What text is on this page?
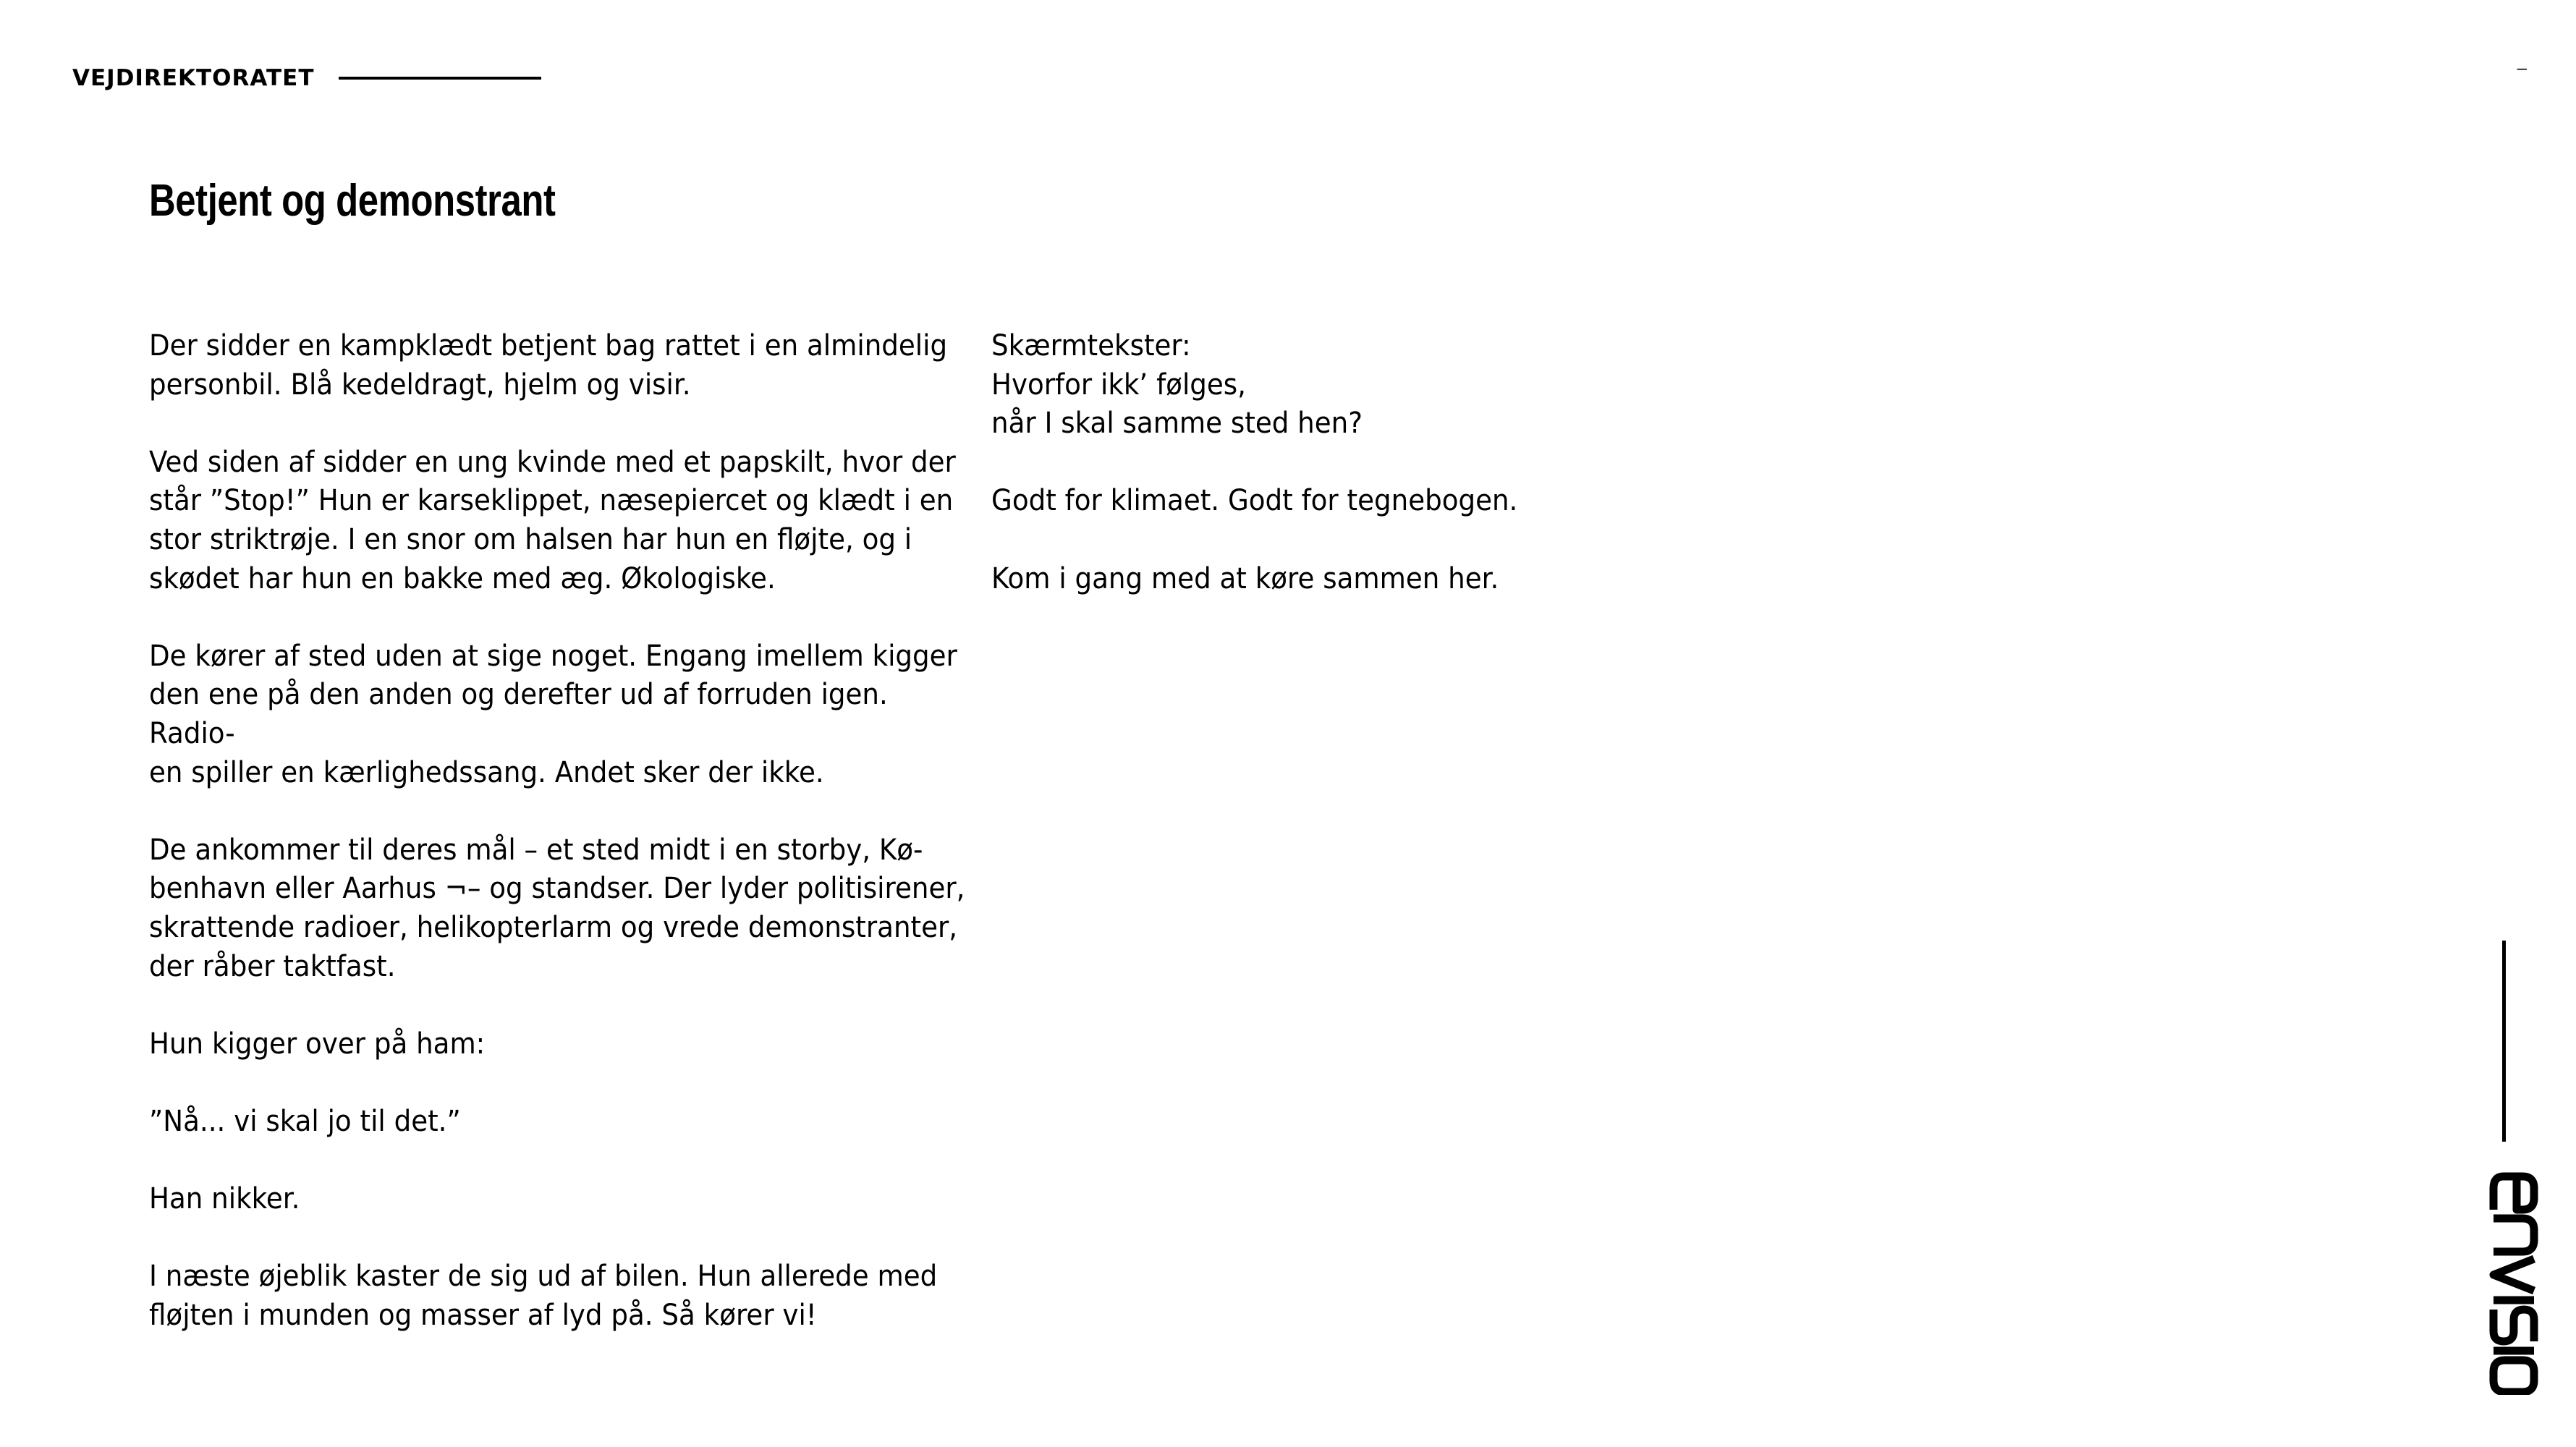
VEJDIREKTORATET	–
Betjent og demonstrant

Der sidder en kampklædt betjent bag rattet i en almindelig
personbil. Blå kedeldragt, hjelm og visir.

Ved siden af sidder en ung kvinde med et papskilt, hvor der
står ”Stop!” Hun er karseklippet, næsepiercet og klædt i en
stor striktrøje. I en snor om halsen har hun en fløjte, og i
skødet har hun en bakke med æg. Økologiske.

De kører af sted uden at sige noget. Engang imellem kigger
den ene på den anden og derefter ud af forruden igen. Radio-
en spiller en kærlighedssang. Andet sker der ikke.

De ankommer til deres mål – et sted midt i en storby, Kø-
benhavn eller Aarhus ¬– og standser. Der lyder politisirener,
skrattende radioer, helikopterlarm og vrede demonstranter,
der råber taktfast.

Hun kigger over på ham:

”Nå... vi skal jo til det.”

Han nikker.

I næste øjeblik kaster de sig ud af bilen. Hun allerede med
fløjten i munden og masser af lyd på. Så kører vi!

Skærmtekster:
Hvorfor ikk’ følges,
når I skal samme sted hen?

Godt for klimaet. Godt for tegnebogen.

Kom i gang med at køre sammen her.
